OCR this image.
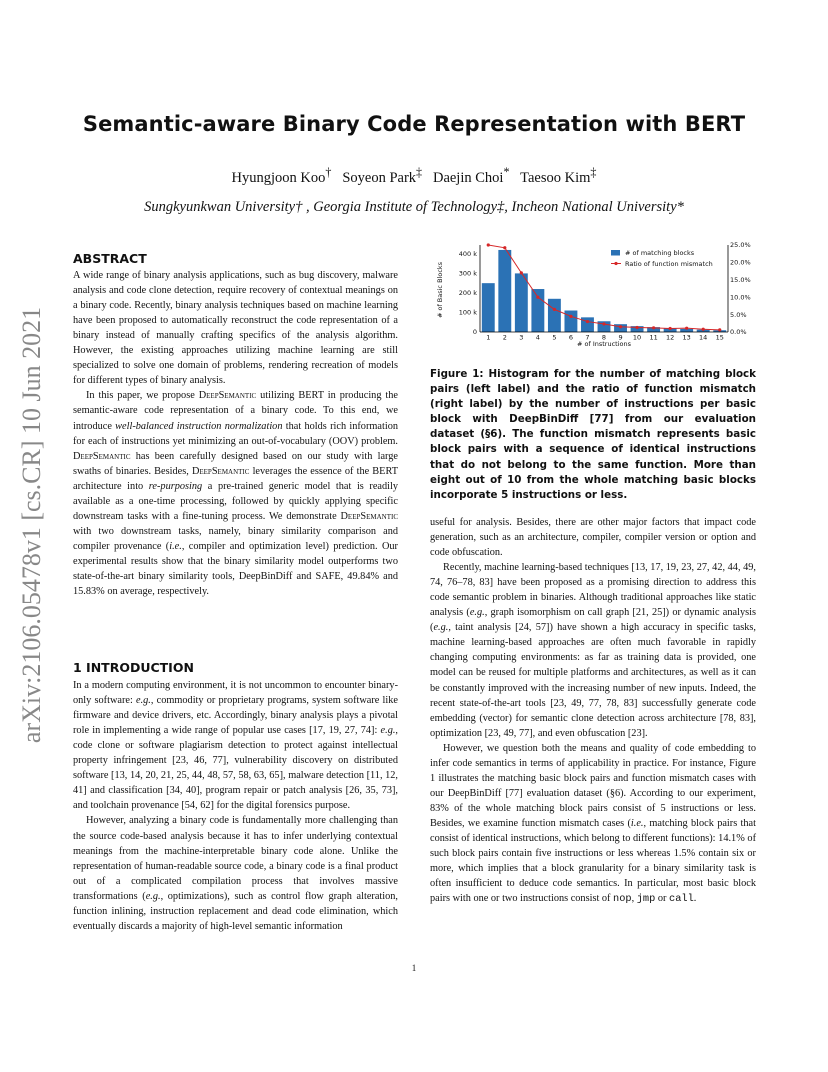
arXiv:2106.05478v1 [cs.CR] 10 Jun 2021
Semantic-aware Binary Code Representation with BERT
Hyungjoon Koo† Soyeon Park‡ Daejin Choi* Taesoo Kim‡
Sungkyunkwan University† , Georgia Institute of Technology‡, Incheon National University*
ABSTRACT

A wide range of binary analysis applications, such as bug discovery, malware analysis and code clone detection, require recovery of contextual meanings on a binary code. Recently, binary analysis techniques based on machine learning have been proposed to automatically reconstruct the code representation of a binary instead of manually crafting specifics of the analysis algorithm. However, the existing approaches utilizing machine learning are still specialized to solve one domain of problems, rendering recreation of models for different types of binary analysis.

In this paper, we propose DeepSemantic utilizing BERT in producing the semantic-aware code representation of a binary code. To this end, we introduce well-balanced instruction normalization that holds rich information for each of instructions yet minimizing an out-of-vocabulary (OOV) problem. DeepSemantic has been carefully designed based on our study with large swaths of binaries. Besides, DeepSemantic leverages the essence of the BERT architecture into re-purposing a pre-trained generic model that is readily available as a one-time processing, followed by quickly applying specific downstream tasks with a fine-tuning process. We demonstrate DeepSemantic with two downstream tasks, namely, binary similarity comparison and compiler provenance (i.e., compiler and optimization level) prediction. Our experimental results show that the binary similarity model outperforms two state-of-the-art binary similarity tools, DeepBinDiff and SAFE, 49.84% and 15.83% on average, respectively.

1 INTRODUCTION

In a modern computing environment, it is not uncommon to encounter binary-only software: e.g., commodity or proprietary programs, system software like firmware and device drivers, etc. Accordingly, binary analysis plays a pivotal role in implementing a wide range of popular use cases [17, 19, 27, 74]: e.g., code clone or software plagiarism detection to protect against intellectual property infringement [23, 46, 77], vulnerability discovery on distributed software [13, 14, 20, 21, 25, 44, 48, 57, 58, 63, 65], malware detection [11, 12, 41] and classification [34, 40], program repair or patch analysis [26, 35, 73], and toolchain provenance [54, 62] for the digital forensics purpose.

However, analyzing a binary code is fundamentally more challenging than the source code-based analysis because it has to infer underlying contextual meanings from the machine-interpretable binary code alone. Unlike the representation of human-readable source code, a binary code is a final product out of a complicated compilation process that involves massive transformations (e.g., optimizations), such as control flow graph alteration, function inlining, instruction replacement and dead code elimination, which eventually discards a majority of high-level semantic information

1 2 3 4 5 6 7 8 9 10 11 12 13 14 15
0
100 k
200 k
300 k
400 k
0.0%
5.0%
10.0%
15.0%
20.0%
25.0%
# of Instructions
# of Basic Blocks
# of matching blocks
Ratio of function mismatch
Figure 1: Histogram for the number of matching block pairs (left label) and the ratio of function mismatch (right label) by the number of instructions per basic block with DeepBinDiff [77] from our evaluation dataset (§6). The function mismatch represents basic block pairs with a sequence of identical instructions that do not belong to the same function. More than eight out of 10 from the whole matching basic blocks incorporate 5 instructions or less.

useful for analysis. Besides, there are other major factors that impact code generation, such as an architecture, compiler, compiler version or option and code obfuscation.

Recently, machine learning-based techniques [13, 17, 19, 23, 27, 42, 44, 49, 74, 76–78, 83] have been proposed as a promising direction to address this code semantic problem in binaries. Although traditional approaches like static analysis (e.g., graph isomorphism on call graph [21, 25]) or dynamic analysis (e.g., taint analysis [24, 57]) have shown a high accuracy in specific tasks, machine learning-based approaches are often much favorable in rapidly changing computing environments: as far as training data is provided, one model can be reused for multiple platforms and architectures, as well as it can be constantly improved with the increasing number of new inputs. Indeed, the recent state-of-the-art tools [23, 49, 77, 78, 83] successfully generate code embedding (vector) for semantic clone detection across architecture [78, 83], optimization [23, 49, 77], and even obfuscation [23].

However, we question both the means and quality of code embedding to infer code semantics in terms of applicability in practice. For instance, Figure 1 illustrates the matching basic block pairs and function mismatch cases with our DeepBinDiff [77] evaluation dataset (§6). According to our experiment, 83% of the whole matching block pairs consist of 5 instructions or less. Besides, we examine function mismatch cases (i.e., matching block pairs that consist of identical instructions, which belong to different functions): 14.1% of such block pairs contain five instructions or less whereas 1.5% contain six or more, which implies that a block granularity for a binary similarity task is often insufficient to deduce code semantics. In particular, most basic block pairs with one or two instructions consist of nop, jmp or call.

1
